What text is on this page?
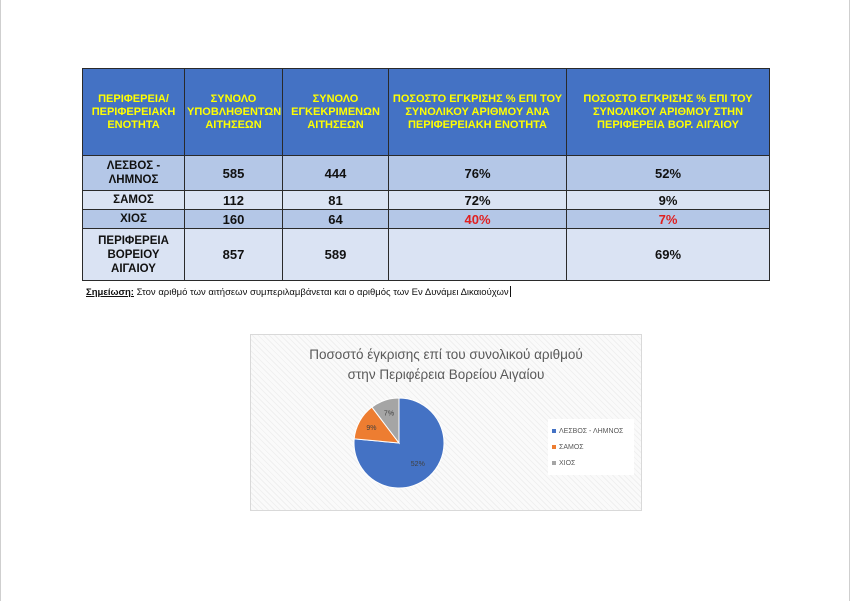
ΠΕΡΙΦΕΡΕΙΑ/ ΠΕΡΙΦΕΡΕΙΑΚΗ ΕΝΟΤΗΤΑ	ΣΥΝΟΛΟ ΥΠΟΒΛΗΘΕΝΤΩΝ ΑΙΤΗΣΕΩΝ	ΣΥΝΟΛΟ ΕΓΚΕΚΡΙΜΕΝΩΝ ΑΙΤΗΣΕΩΝ	ΠΟΣΟΣΤΟ ΕΓΚΡΙΣΗΣ % ΕΠΙ ΤΟΥ ΣΥΝΟΛΙΚΟΥ ΑΡΙΘΜΟΥ ΑΝΑ ΠΕΡΙΦΕΡΕΙΑΚΗ ΕΝΟΤΗΤΑ	ΠΟΣΟΣΤΟ ΕΓΚΡΙΣΗΣ % ΕΠΙ ΤΟΥ ΣΥΝΟΛΙΚΟΥ ΑΡΙΘΜΟΥ ΣΤΗΝ ΠΕΡΙΦΕΡΕΙΑ ΒΟΡ. ΑΙΓΑΙΟΥ
ΛΕΣΒΟΣ - ΛΗΜΝΟΣ	585	444	76%	52%
ΣΑΜΟΣ	112	81	72%	9%
ΧΙΟΣ	160	64	40%	7%
ΠΕΡΙΦΕΡΕΙΑ ΒΟΡΕΙΟΥ ΑΙΓΑΙΟΥ	857	589		69%
Σημείωση: Στον αριθμό των αιτήσεων συμπεριλαμβάνεται και ο αριθμός των Εν Δυνάμει Δικαιούχων
Ποσοστό έγκρισης επί του συνολικού αριθμού
στην Περιφέρεια Βορείου Αιγαίου
52%
9%
7%
ΛΕΣΒΟΣ - ΛΗΜΝΟΣ
ΣΑΜΟΣ
ΧΙΟΣ
